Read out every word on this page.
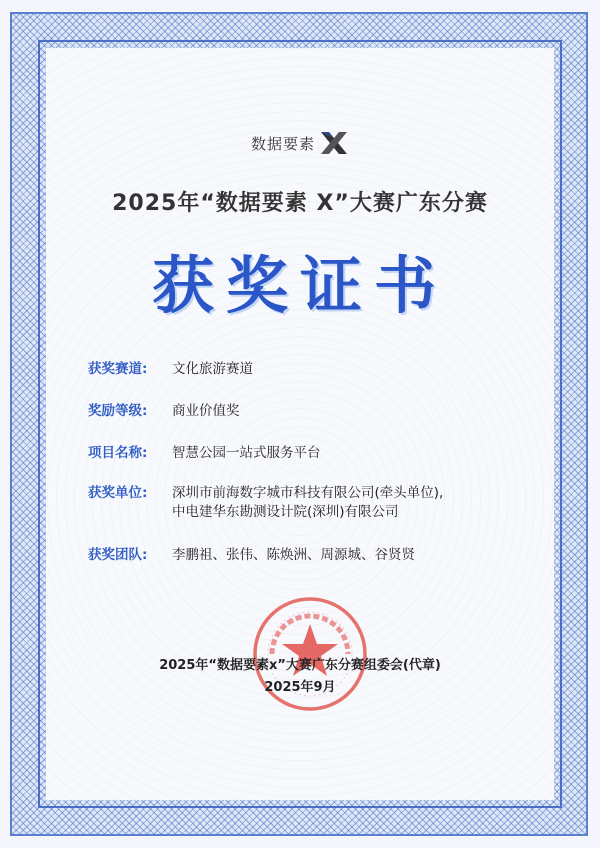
数据要素
2025年“数据要素 X”大赛广东分赛
获奖证书
获奖赛道:	文化旅游赛道
奖励等级:	商业价值奖
项目名称:	智慧公园一站式服务平台
获奖单位:	深圳市前海数字城市科技有限公司(牵头单位),
中电建华东勘测设计院(深圳)有限公司
获奖团队:	李鹏祖、张伟、陈焕洲、周源城、谷贤贤
2025年“数据要素x”大赛广东分赛组委会(代章)
2025年9月
